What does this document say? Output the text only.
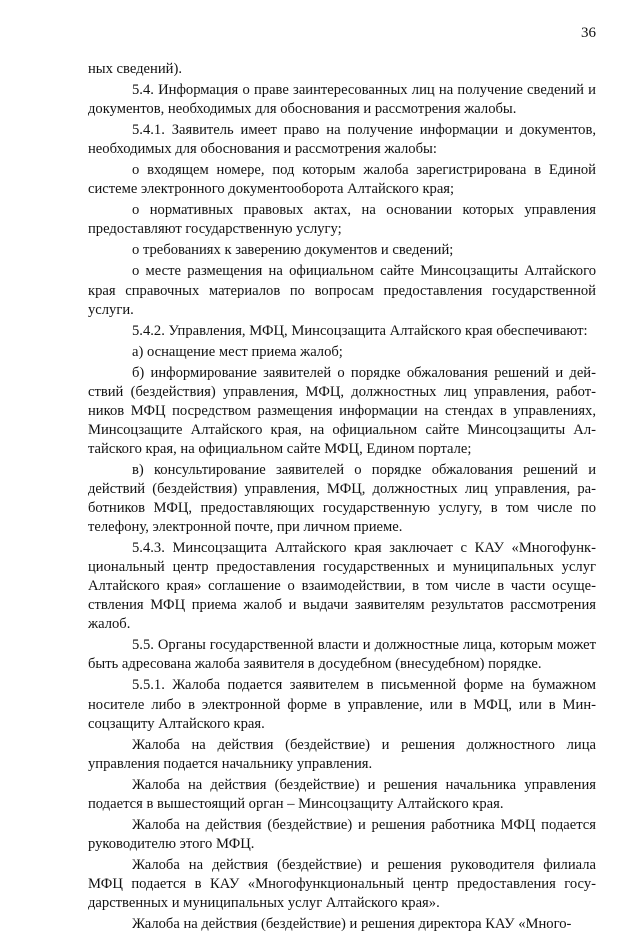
36

ных сведений).

5.4. Информация о праве заинтересованных лиц на получение сведений и документов, необходимых для обоснования и рассмотрения жалобы.

5.4.1. Заявитель имеет право на получение информации и документов, необходимых для обоснования и рассмотрения жалобы:

о входящем номере, под которым жалоба зарегистрирована в Единой системе электронного документооборота Алтайского края;

о нормативных правовых актах, на основании которых управления предоставляют государственную услугу;

о требованиях к заверению документов и сведений;

о месте размещения на официальном сайте Минсоцзащиты Алтайского края справочных материалов по вопросам предоставления государственной услуги.

5.4.2. Управления, МФЦ, Минсоцзащита Алтайского края обеспечивают:

а) оснащение мест приема жалоб;

б) информирование заявителей о порядке обжалования решений и действий (бездействия) управления, МФЦ, должностных лиц управления, работников МФЦ посредством размещения информации на стендах в управлениях, Минсоцзащите Алтайского края, на официальном сайте Минсоцзащиты Алтайского края, на официальном сайте МФЦ, Едином портале;

в) консультирование заявителей о порядке обжалования решений и действий (бездействия) управления, МФЦ, должностных лиц управления, работников МФЦ, предоставляющих государственную услугу, в том числе по телефону, электронной почте, при личном приеме.

5.4.3. Минсоцзащита Алтайского края заключает с КАУ «Многофункциональный центр предоставления государственных и муниципальных услуг Алтайского края» соглашение о взаимодействии, в том числе в части осуществления МФЦ приема жалоб и выдачи заявителям результатов рассмотрения жалоб.

5.5. Органы государственной власти и должностные лица, которым может быть адресована жалоба заявителя в досудебном (внесудебном) порядке.

5.5.1. Жалоба подается заявителем в письменной форме на бумажном носителе либо в электронной форме в управление, или в МФЦ, или в Минсоцзащиту Алтайского края.

Жалоба на действия (бездействие) и решения должностного лица управления подается начальнику управления.

Жалоба на действия (бездействие) и решения начальника управления подается в вышестоящий орган – Минсоцзащиту Алтайского края.

Жалоба на действия (бездействие) и решения работника МФЦ подается руководителю этого МФЦ.

Жалоба на действия (бездействие) и решения руководителя филиала МФЦ подается в КАУ «Многофункциональный центр предоставления государственных и муниципальных услуг Алтайского края».

Жалоба на действия (бездействие) и решения директора КАУ «Много-
